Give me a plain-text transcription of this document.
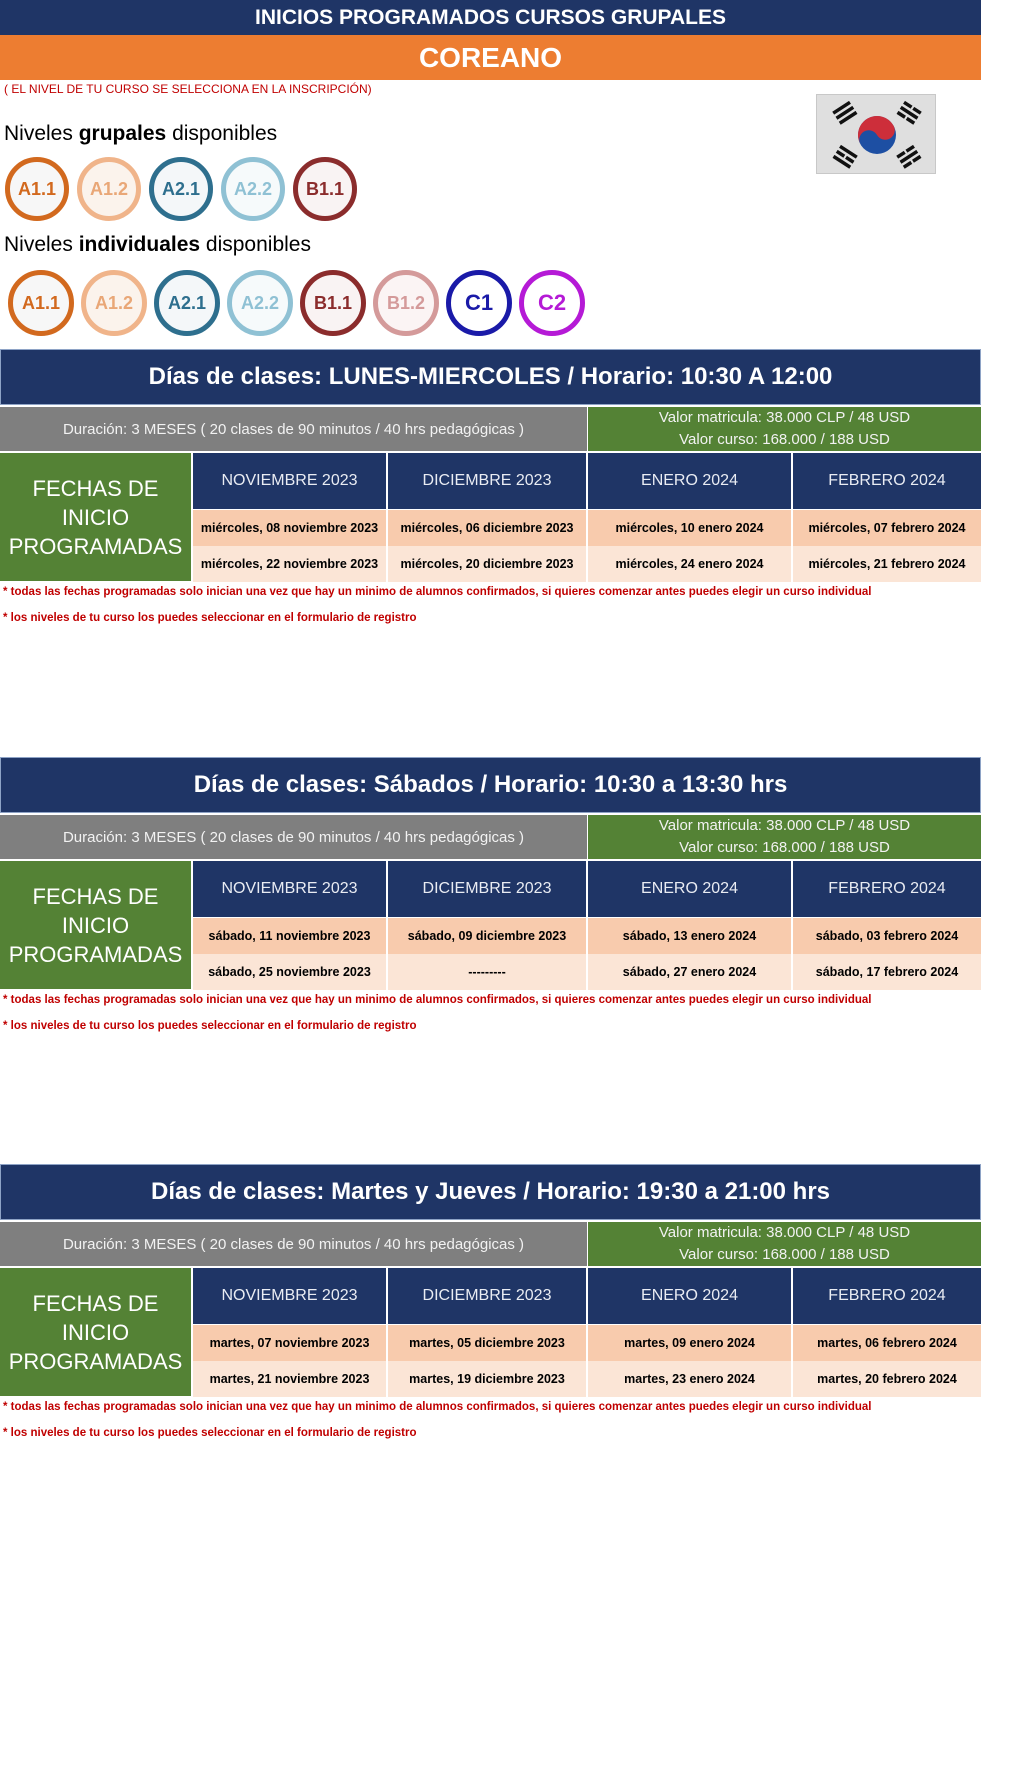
INICIOS PROGRAMADOS CURSOS GRUPALES
COREANO
( EL NIVEL DE TU CURSO SE SELECCIONA EN LA INSCRIPCIÓN)
Niveles grupales disponibles
A1.1	A1.2	A2.1	A2.2	B1.1
Niveles individuales disponibles
A1.1	A1.2	A2.1	A2.2	B1.1	B1.2	C1	C2
Días de clases: LUNES-MIERCOLES / Horario: 10:30 A 12:00
Duración: 3 MESES ( 20 clases de 90 minutos / 40 hrs pedagógicas )
Valor matricula: 38.000 CLP / 48 USD
Valor curso: 168.000 / 188 USD
FECHAS DE
INICIO
PROGRAMADAS
NOVIEMBRE 2023	DICIEMBRE 2023	ENERO 2024	FEBRERO 2024
miércoles, 08 noviembre 2023	miércoles, 06 diciembre 2023	miércoles, 10 enero 2024	miércoles, 07 febrero 2024
miércoles, 22 noviembre 2023	miércoles, 20 diciembre 2023	miércoles, 24 enero 2024	miércoles, 21 febrero 2024
* todas las fechas programadas solo inician una vez que hay un minimo de alumnos confirmados, si quieres comenzar antes puedes elegir un curso individual
* los niveles de tu curso los puedes seleccionar en el formulario de registro
Días de clases: Sábados / Horario: 10:30 a 13:30 hrs
Duración: 3 MESES ( 20 clases de 90 minutos / 40 hrs pedagógicas )
Valor matricula: 38.000 CLP / 48 USD
Valor curso: 168.000 / 188 USD
FECHAS DE
INICIO
PROGRAMADAS
NOVIEMBRE 2023	DICIEMBRE 2023	ENERO 2024	FEBRERO 2024
sábado, 11 noviembre 2023	sábado, 09 diciembre 2023	sábado, 13 enero 2024	sábado, 03 febrero 2024
sábado, 25 noviembre 2023	---------	sábado, 27 enero 2024	sábado, 17 febrero 2024
* todas las fechas programadas solo inician una vez que hay un minimo de alumnos confirmados, si quieres comenzar antes puedes elegir un curso individual
* los niveles de tu curso los puedes seleccionar en el formulario de registro
Días de clases: Martes y Jueves / Horario: 19:30 a 21:00 hrs
Duración: 3 MESES ( 20 clases de 90 minutos / 40 hrs pedagógicas )
Valor matricula: 38.000 CLP / 48 USD
Valor curso: 168.000 / 188 USD
FECHAS DE
INICIO
PROGRAMADAS
NOVIEMBRE 2023	DICIEMBRE 2023	ENERO 2024	FEBRERO 2024
martes, 07 noviembre 2023	martes, 05 diciembre 2023	martes, 09 enero 2024	martes, 06 febrero 2024
martes, 21 noviembre 2023	martes, 19 diciembre 2023	martes, 23 enero 2024	martes, 20 febrero 2024
* todas las fechas programadas solo inician una vez que hay un minimo de alumnos confirmados, si quieres comenzar antes puedes elegir un curso individual
* los niveles de tu curso los puedes seleccionar en el formulario de registro
